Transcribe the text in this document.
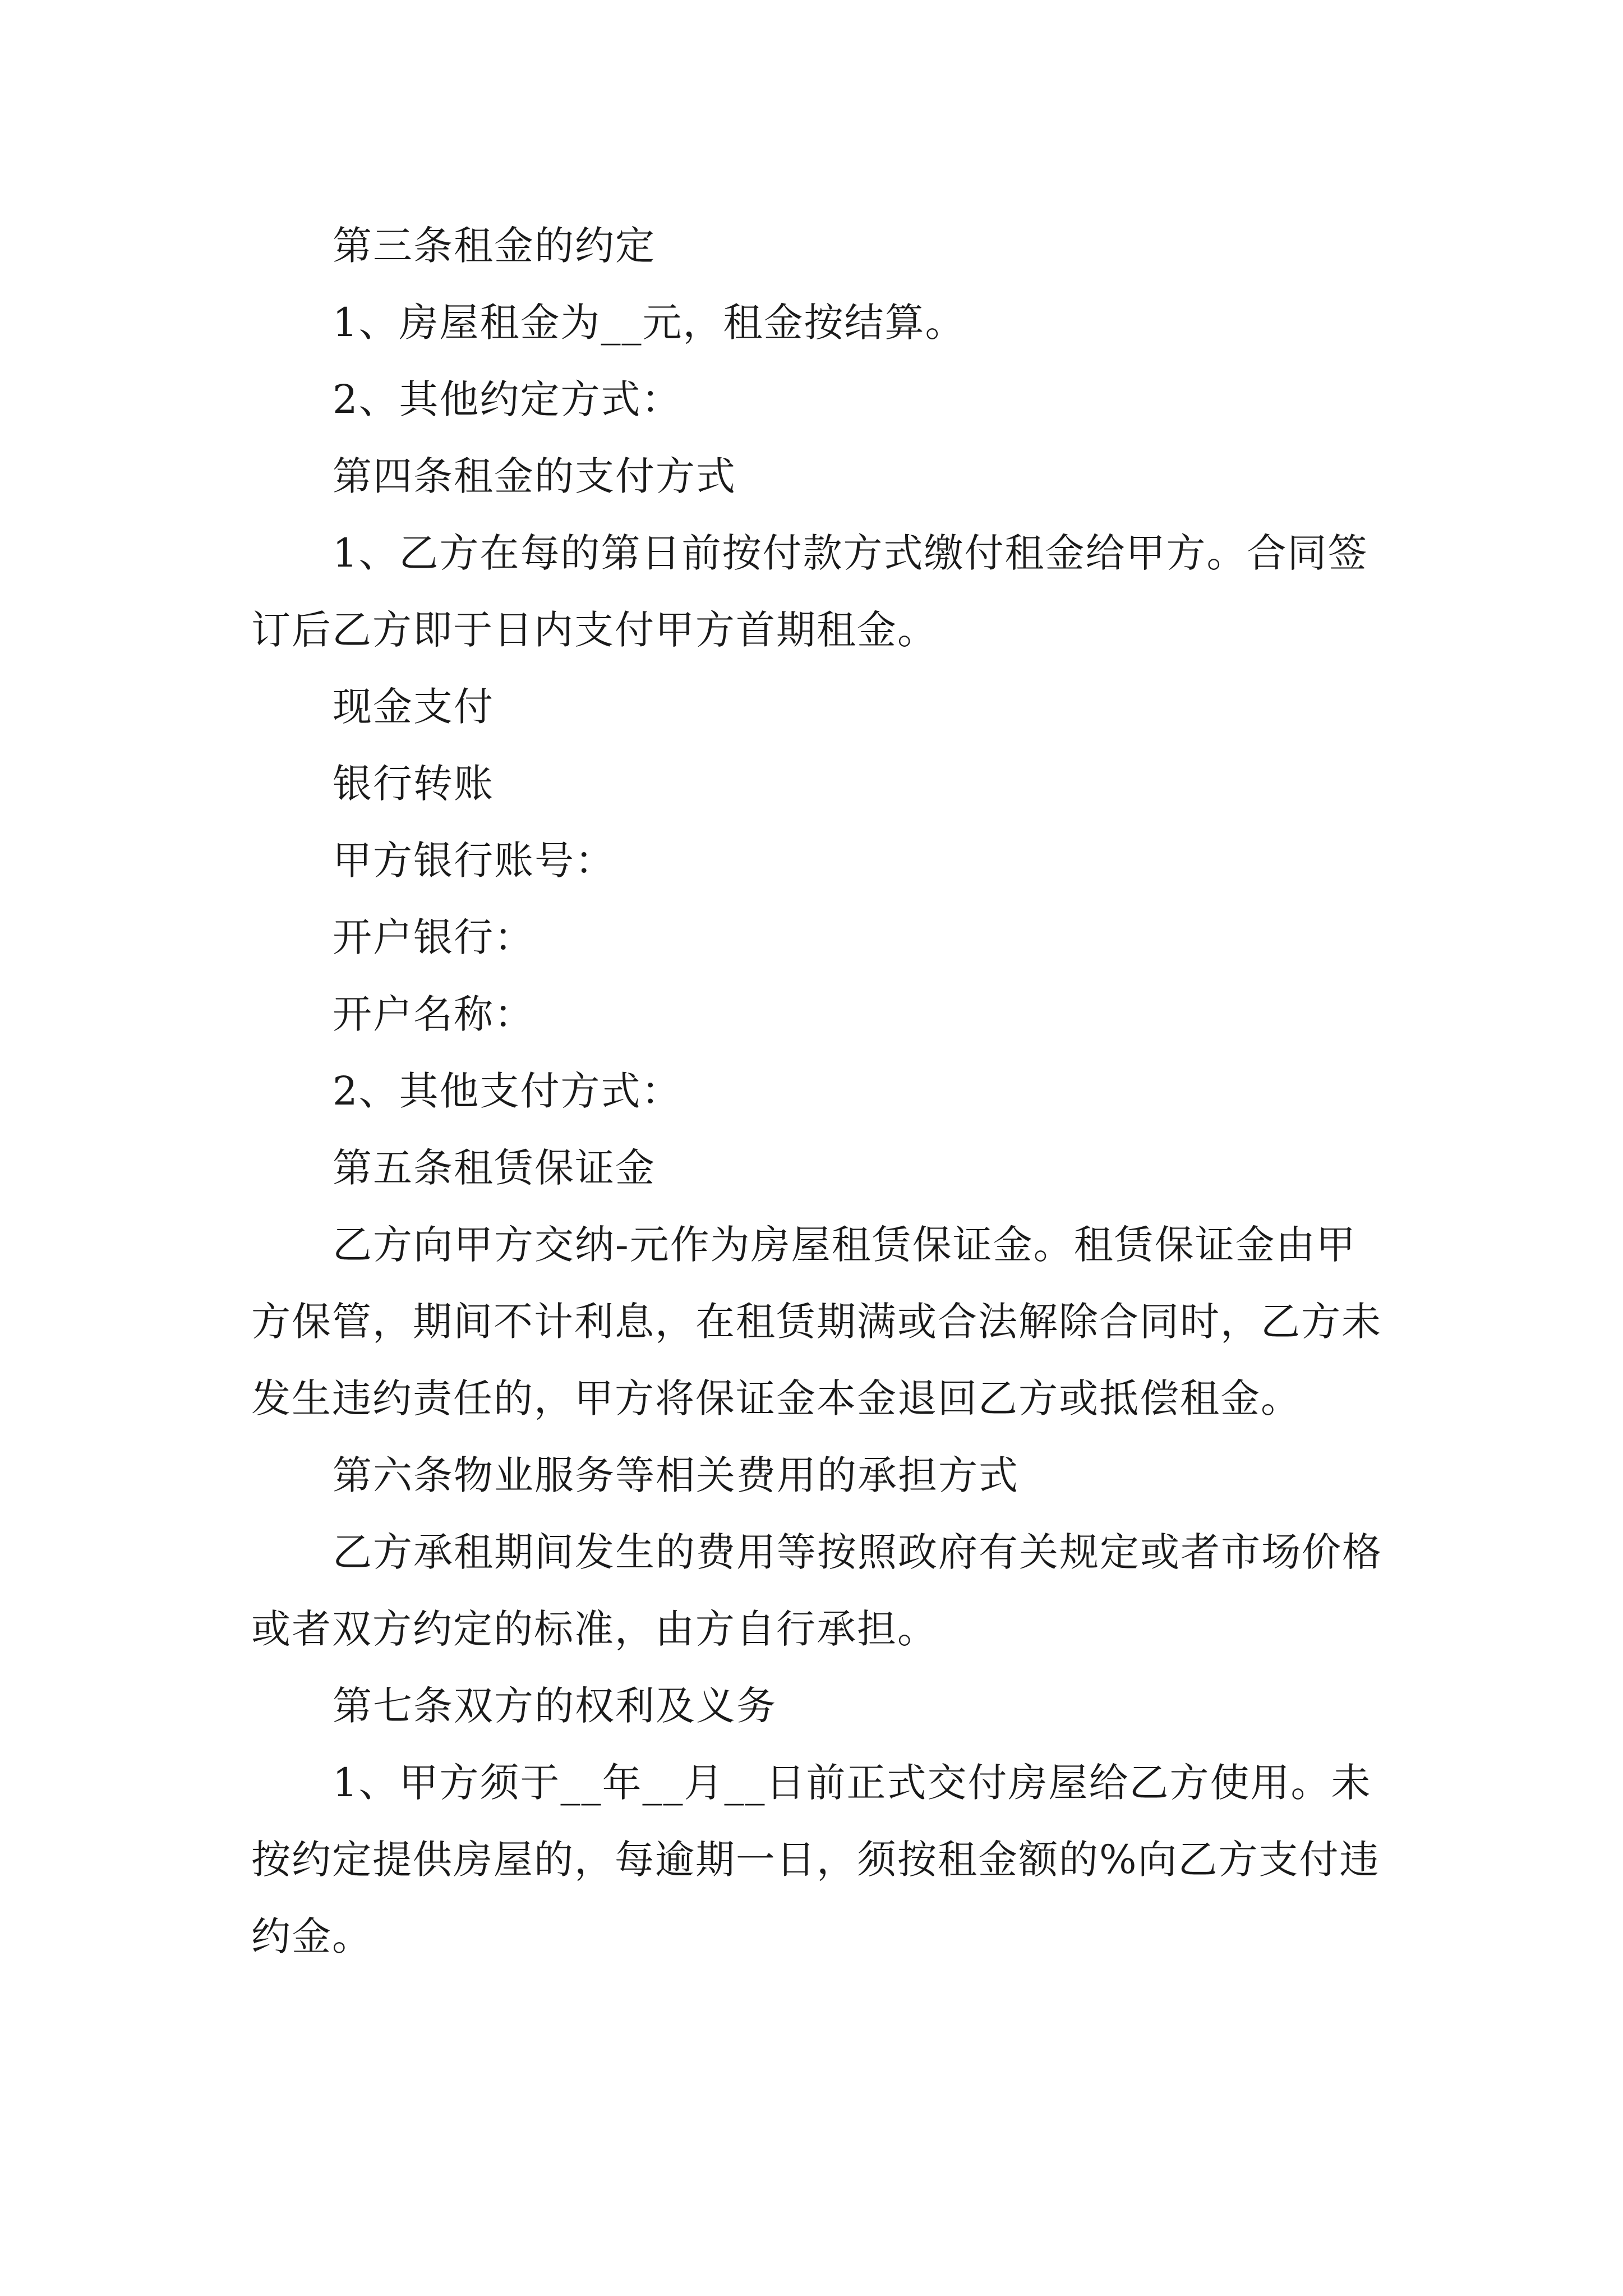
第三条租金的约定

1、房屋租金为__元，租金按结算。

2、其他约定方式：

第四条租金的支付方式

1、乙方在每的第日前按付款方式缴付租金给甲方。合同签订后乙方即于日内支付甲方首期租金。

现金支付

银行转账

甲方银行账号：

开户银行：

开户名称：

2、其他支付方式：

第五条租赁保证金

乙方向甲方交纳-元作为房屋租赁保证金。租赁保证金由甲方保管，期间不计利息，在租赁期满或合法解除合同时，乙方未发生违约责任的，甲方将保证金本金退回乙方或抵偿租金。

第六条物业服务等相关费用的承担方式

乙方承租期间发生的费用等按照政府有关规定或者市场价格或者双方约定的标准，由方自行承担。

第七条双方的权利及义务

1、甲方须于__年__月__日前正式交付房屋给乙方使用。未按约定提供房屋的，每逾期一日，须按租金额的%向乙方支付违约金。
